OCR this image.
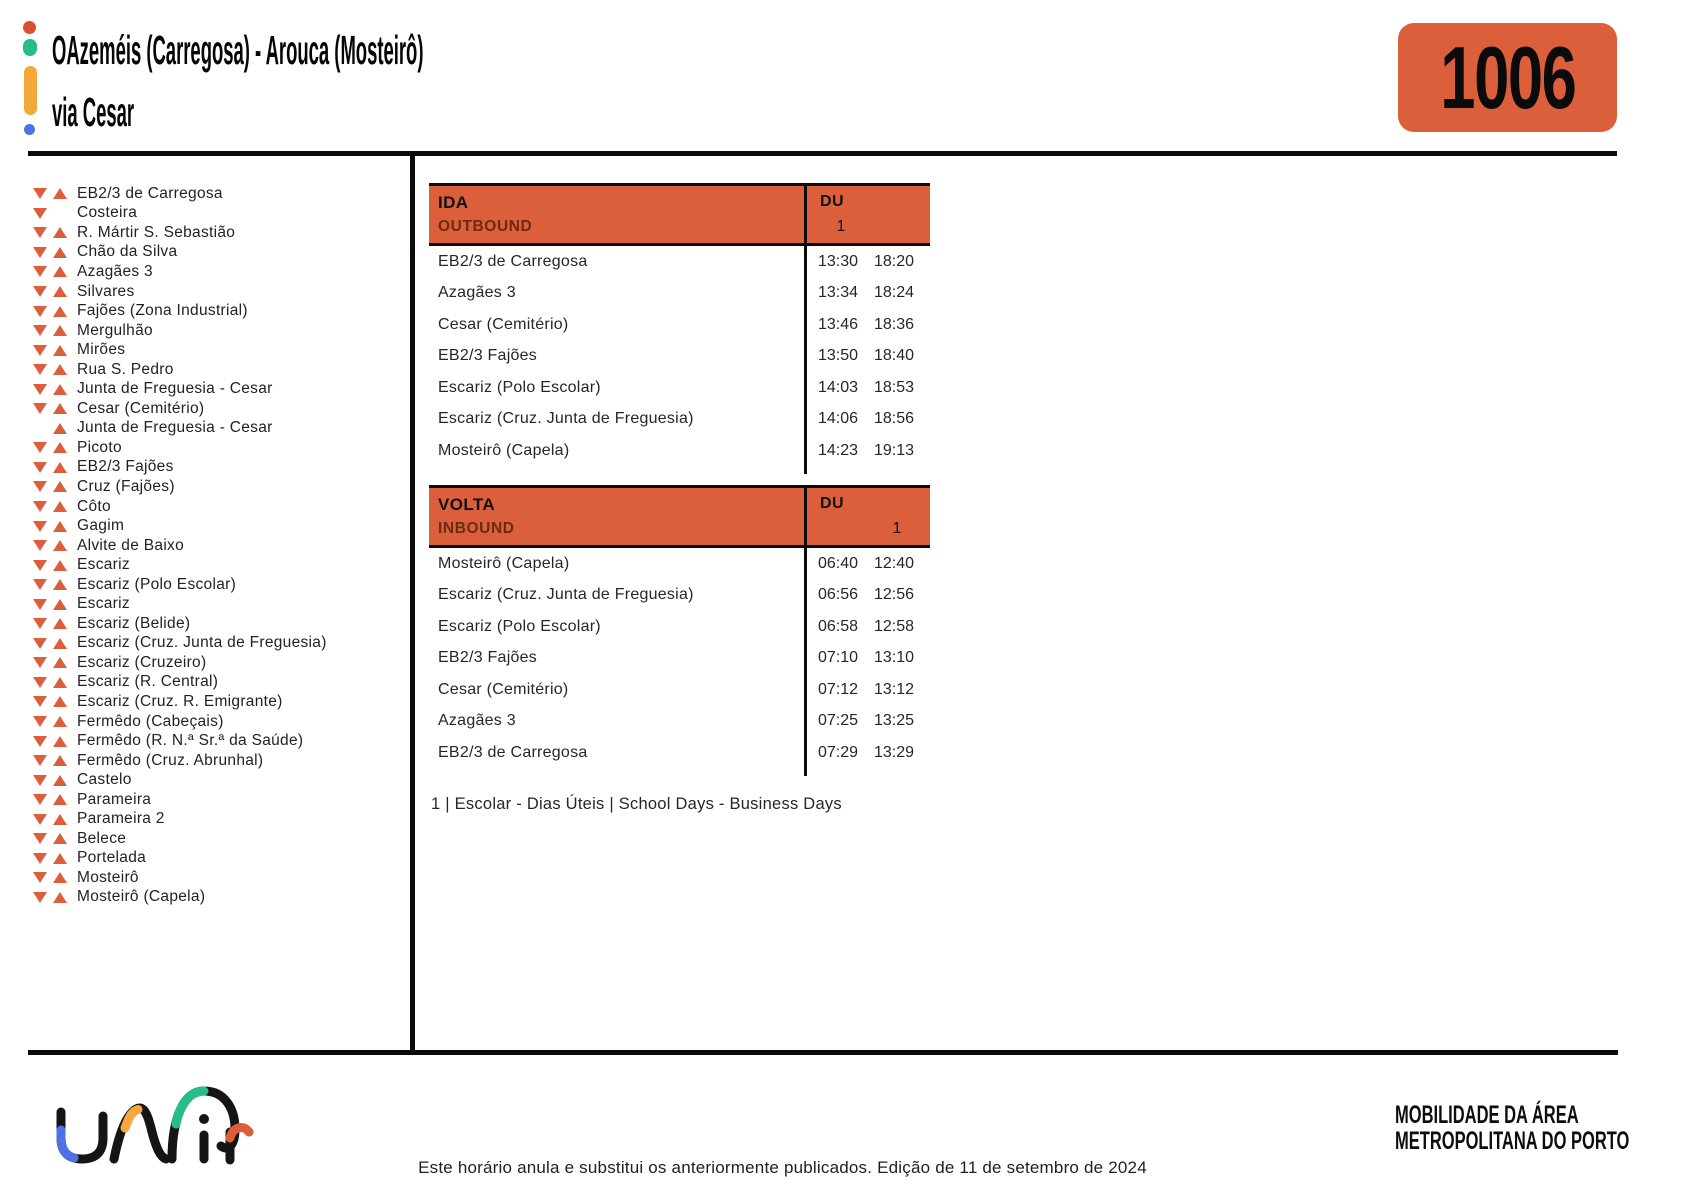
OAzeméis (Carregosa) - Arouca (Mosteirô)
via Cesar	1006
EB2/3 de Carregosa
Costeira
R. Mártir S. Sebastião
Chão da Silva
Azagães 3
Silvares
Fajões (Zona Industrial)
Mergulhão
Mirões
Rua S. Pedro
Junta de Freguesia - Cesar
Cesar (Cemitério)
Junta de Freguesia - Cesar
Picoto
EB2/3 Fajões
Cruz (Fajões)
Côto
Gagim
Alvite de Baixo
Escariz
Escariz (Polo Escolar)
Escariz
Escariz (Belide)
Escariz (Cruz. Junta de Freguesia)
Escariz (Cruzeiro)
Escariz (R. Central)
Escariz (Cruz. R. Emigrante)
Fermêdo (Cabeçais)
Fermêdo (R. N.ª Sr.ª da Saúde)
Fermêdo (Cruz. Abrunhal)
Castelo
Parameira
Parameira 2
Belece
Portelada
Mosteirô
Mosteirô (Capela)
IDA
OUTBOUND
DU
1
EB2/3 de Carregosa	13:30 18:20
Azagães 3	13:34 18:24
Cesar (Cemitério)	13:46 18:36
EB2/3 Fajões	13:50 18:40
Escariz (Polo Escolar)	14:03 18:53
Escariz (Cruz. Junta de Freguesia)	14:06 18:56
Mosteirô (Capela)	14:23 19:13
VOLTA
INBOUND
DU
1
Mosteirô (Capela)	06:40 12:40
Escariz (Cruz. Junta de Freguesia)	06:56 12:56
Escariz (Polo Escolar)	06:58 12:58
EB2/3 Fajões	07:10 13:10
Cesar (Cemitério)	07:12 13:12
Azagães 3	07:25 13:25
EB2/3 de Carregosa	07:29 13:29
1 | Escolar - Dias Úteis | School Days - Business Days
MOBILIDADE DA ÁREA
METROPOLITANA DO PORTO
Este horário anula e substitui os anteriormente publicados. Edição de 11 de setembro de 2024
